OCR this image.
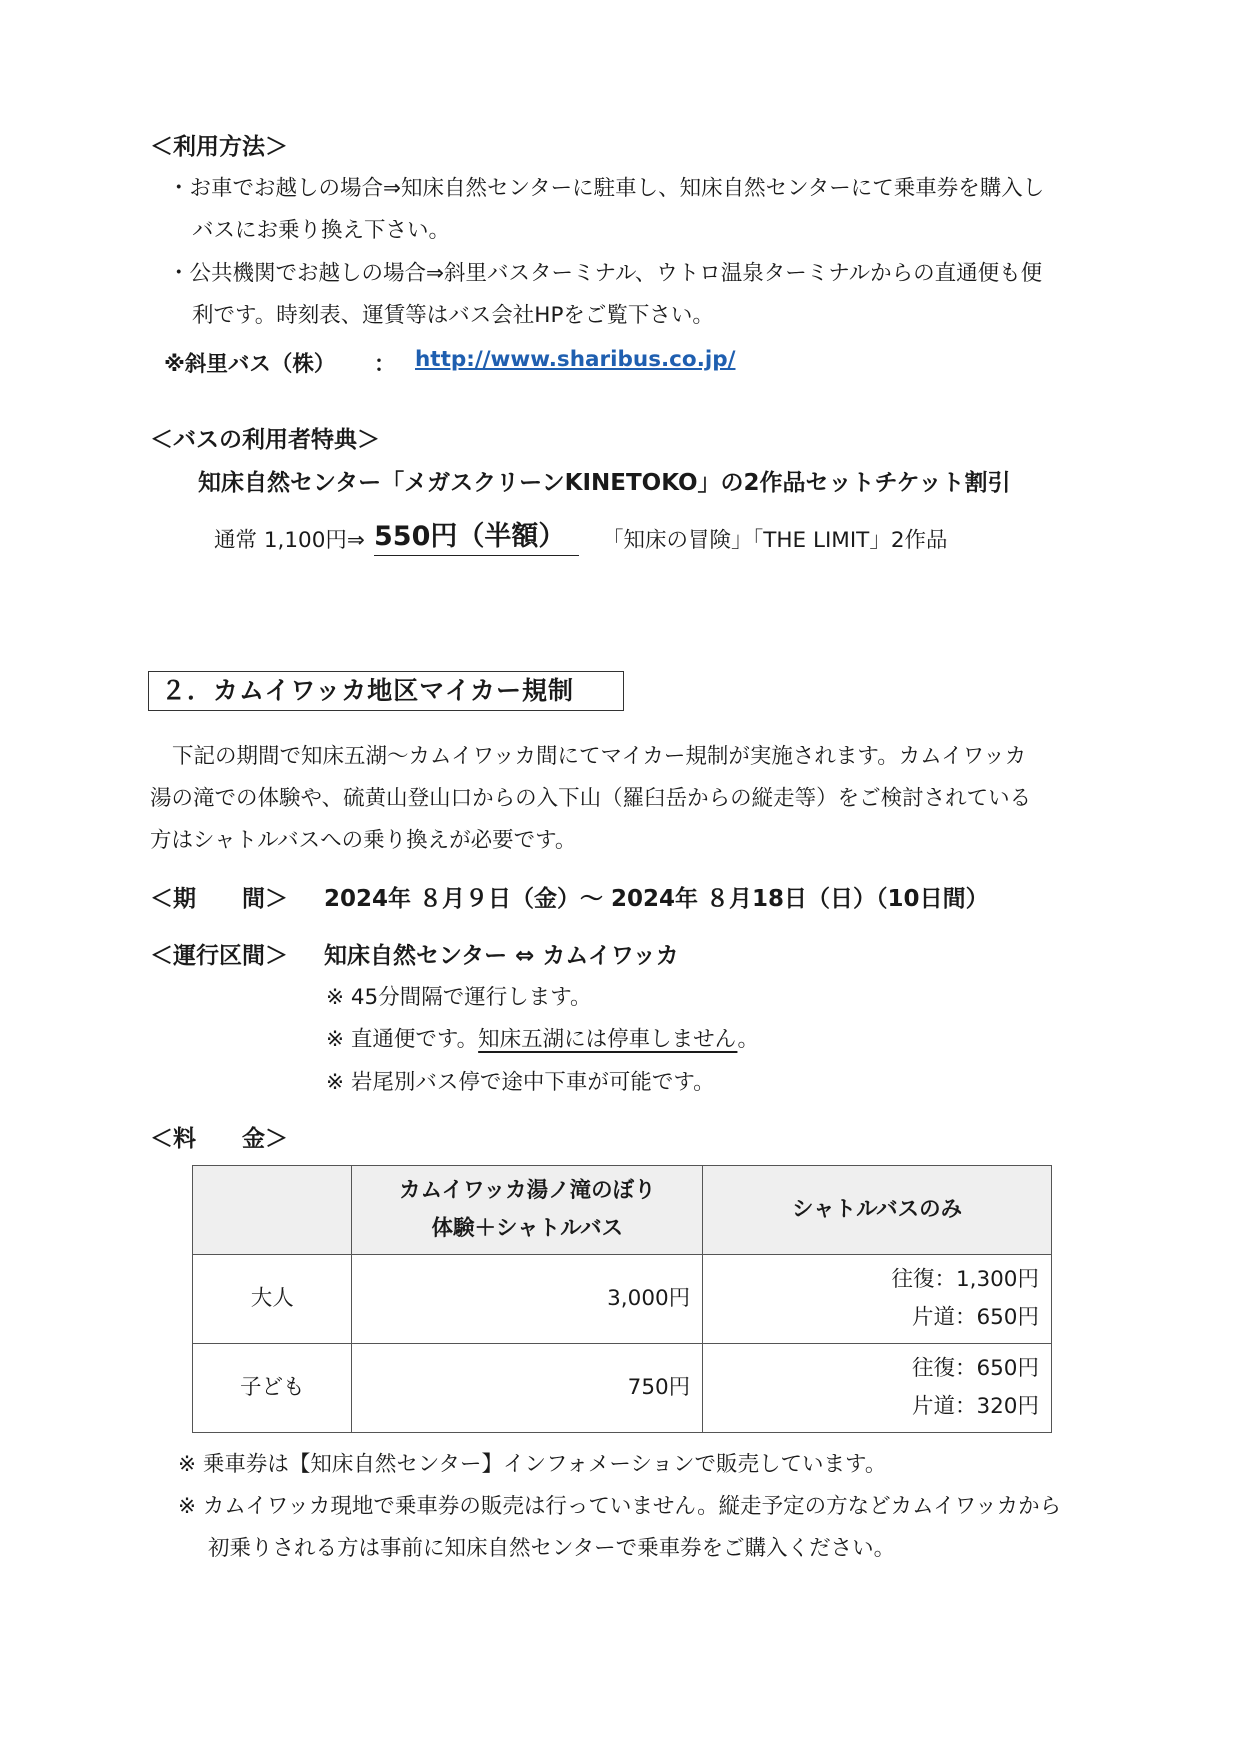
＜利用方法＞
・お車でお越しの場合⇒知床自然センターに駐車し、知床自然センターにて乗車券を購入し
バスにお乗り換え下さい。
・公共機関でお越しの場合⇒斜里バスターミナル、ウトロ温泉ターミナルからの直通便も便
利です。時刻表、運賃等はバス会社HPをご覧下さい。
※斜里バス（株） ： http://www.sharibus.co.jp/
＜バスの利用者特典＞
知床自然センター「メガスクリーンKINETOKO」の2作品セットチケット割引
通常 1,100円⇒ 550円（半額）	「知床の冒険」「THE LIMIT」2作品
２．カムイワッカ地区マイカー規制
下記の期間で知床五湖〜カムイワッカ間にてマイカー規制が実施されます。カムイワッカ
湯の滝での体験や、硫黄山登山口からの入下山（羅臼岳からの縦走等）をご検討されている
方はシャトルバスへの乗り換えが必要です。
＜期　　間＞ 2024年 ８月９日（金）〜 2024年 ８月18日（日）（10日間）
＜運行区間＞ 知床自然センター ⇔ カムイワッカ
※ 45分間隔で運行します。
※ 直通便です。知床五湖には停車しません。
※ 岩尾別バス停で途中下車が可能です。
＜料　　金＞

	カムイワッカ湯ノ滝のぼり
体験＋シャトルバス	シャトルバスのみ
大人	3,000円	往復：1,300円
片道：650円

子ども	750円	往復：650円
片道：320円
※ 乗車券は【知床自然センター】インフォメーションで販売しています。
※ カムイワッカ現地で乗車券の販売は行っていません。縦走予定の方などカムイワッカから
初乗りされる方は事前に知床自然センターで乗車券をご購入ください。
